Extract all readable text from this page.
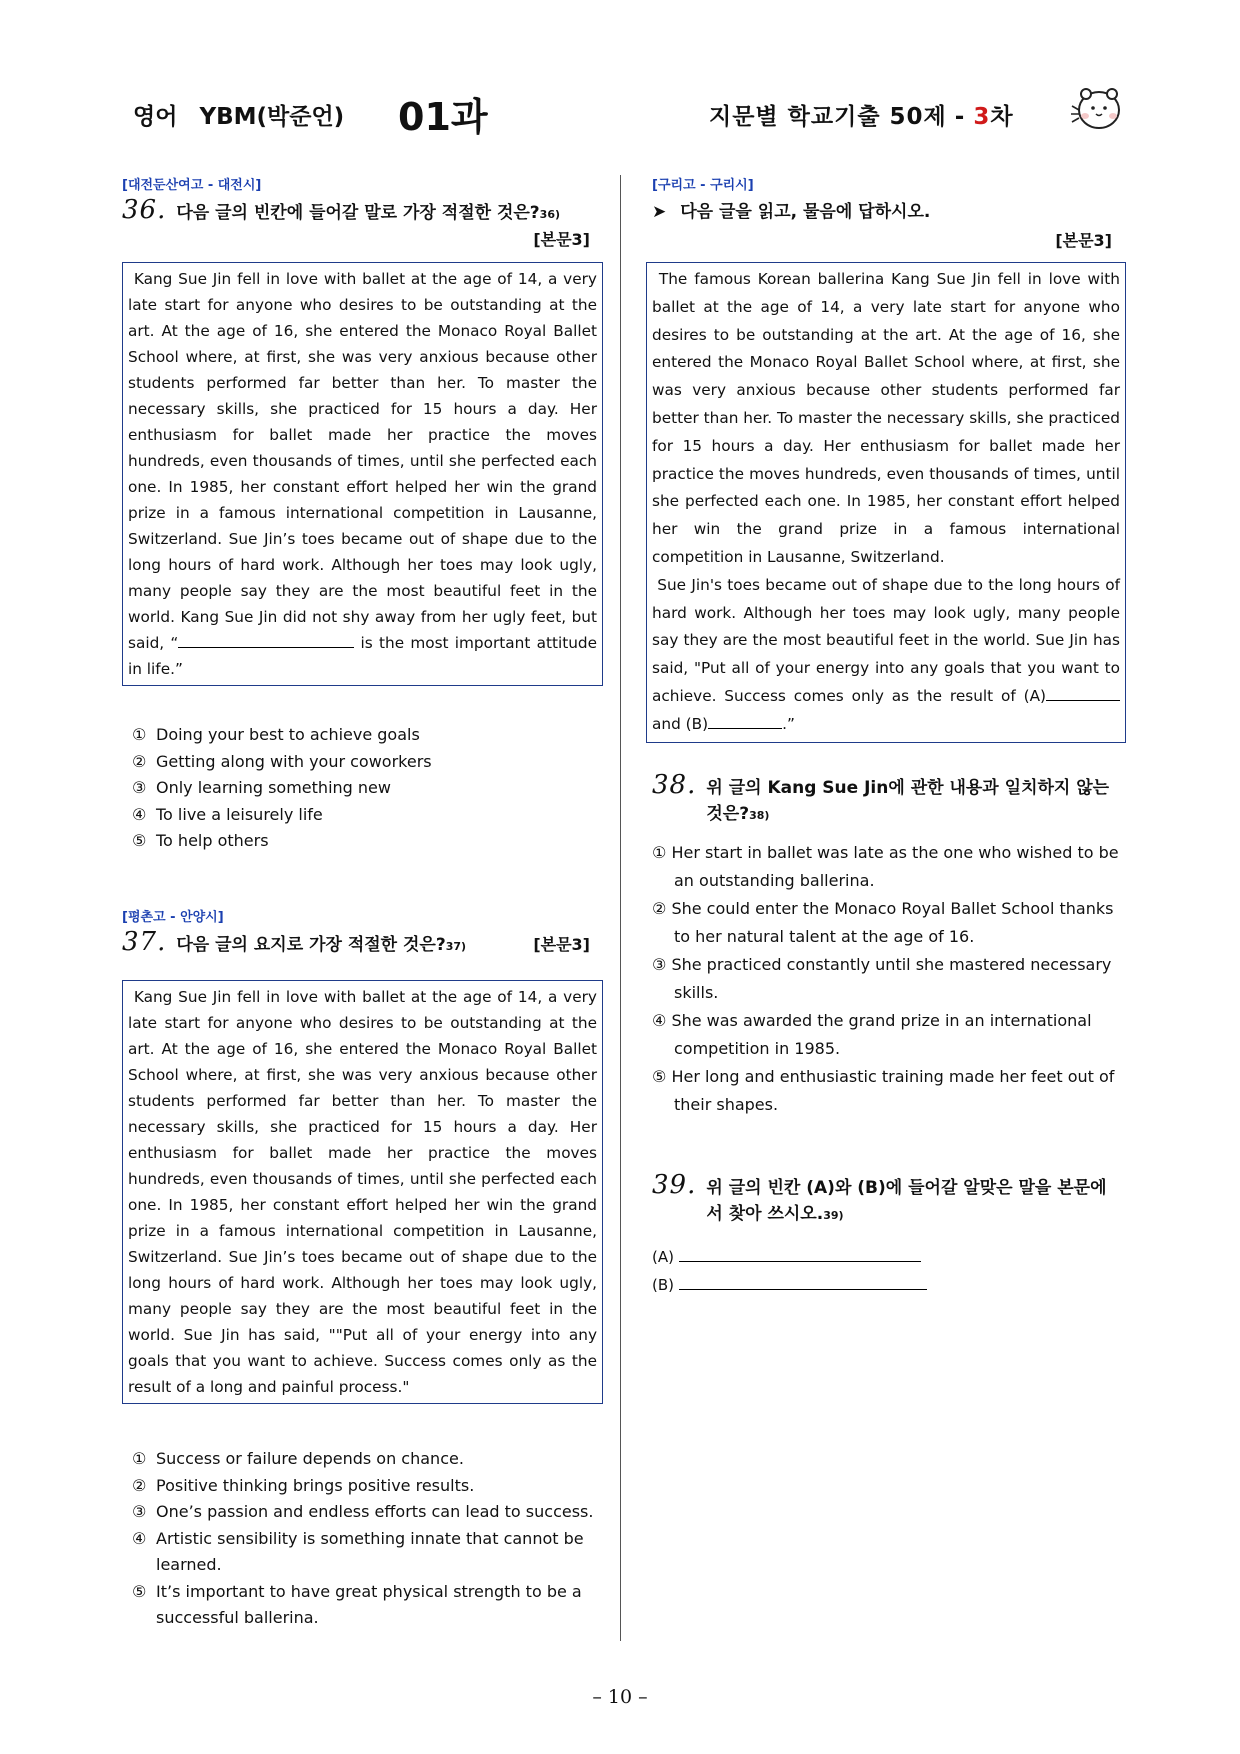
영어 YBM(박준언) 01과	지문별 학교기출 50제 - 3차
[대전둔산여고 - 대전시]
36. 다음 글의 빈칸에 들어갈 말로 가장 적절한 것은?36)
[본문3]

Kang Sue Jin fell in love with ballet at the age of 14, a very late start for anyone who desires to be outstanding at the art. At the age of 16, she entered the Monaco Royal Ballet School where, at first, she was very anxious because other students performed far better than her. To master the necessary skills, she practiced for 15 hours a day. Her enthusiasm for ballet made her practice the moves hundreds, even thousands of times, until she perfected each one. In 1985, her constant effort helped her win the grand prize in a famous international competition in Lausanne, Switzerland. Sue Jin’s toes became out of shape due to the long hours of hard work. Although her toes may look ugly, many people say they are the most beautiful feet in the world. Kang Sue Jin did not shy away from her ugly feet, but said, “	is the most important attitude in life.”

① Doing your best to achieve goals
② Getting along with your coworkers
③ Only learning something new
④ To live a leisurely life
⑤ To help others
[평촌고 - 안양시]
37. 다음 글의 요지로 가장 적절한 것은?37)	[본문3]

Kang Sue Jin fell in love with ballet at the age of 14, a very late start for anyone who desires to be outstanding at the art. At the age of 16, she entered the Monaco Royal Ballet School where, at first, she was very anxious because other students performed far better than her. To master the necessary skills, she practiced for 15 hours a day. Her enthusiasm for ballet made her practice the moves hundreds, even thousands of times, until she perfected each one. In 1985, her constant effort helped her win the grand prize in a famous international competition in Lausanne, Switzerland. Sue Jin’s toes became out of shape due to the long hours of hard work. Although her toes may look ugly, many people say they are the most beautiful feet in the world. Sue Jin has said, ""Put all of your energy into any goals that you want to achieve. Success comes only as the result of a long and painful process."

① Success or failure depends on chance.
② Positive thinking brings positive results.
③ One’s passion and endless efforts can lead to success.
④ Artistic sensibility is something innate that cannot be learned.
⑤ It’s important to have great physical strength to be a successful ballerina.
[구리고 - 구리시]
➤ 다음 글을 읽고, 물음에 답하시오.
[본문3]

The famous Korean ballerina Kang Sue Jin fell in love with ballet at the age of 14, a very late start for anyone who desires to be outstanding at the art. At the age of 16, she entered the Monaco Royal Ballet School where, at first, she was very anxious because other students performed far better than her. To master the necessary skills, she practiced for 15 hours a day. Her enthusiasm for ballet made her practice the moves hundreds, even thousands of times, until she perfected each one. In 1985, her constant effort helped her win the grand prize in a famous international competition in Lausanne, Switzerland.

Sue Jin's toes became out of shape due to the long hours of hard work. Although her toes may look ugly, many people say they are the most beautiful feet in the world. Sue Jin has said, "Put all of your energy into any goals that you want to achieve. Success comes only as the result of (A) and (B)	.”

38. 위 글의 Kang Sue Jin에 관한 내용과 일치하지 않는 것은?38)
① Her start in ballet was late as the one who wished to be an outstanding ballerina.
② She could enter the Monaco Royal Ballet School thanks to her natural talent at the age of 16.
③ She practiced constantly until she mastered necessary skills.
④ She was awarded the grand prize in an international competition in 1985.
⑤ Her long and enthusiastic training made her feet out of their shapes.
39. 위 글의 빈칸 (A)와 (B)에 들어갈 알맞은 말을 본문에서 찾아 쓰시오.39)
(A)
(B)
– 10 –
